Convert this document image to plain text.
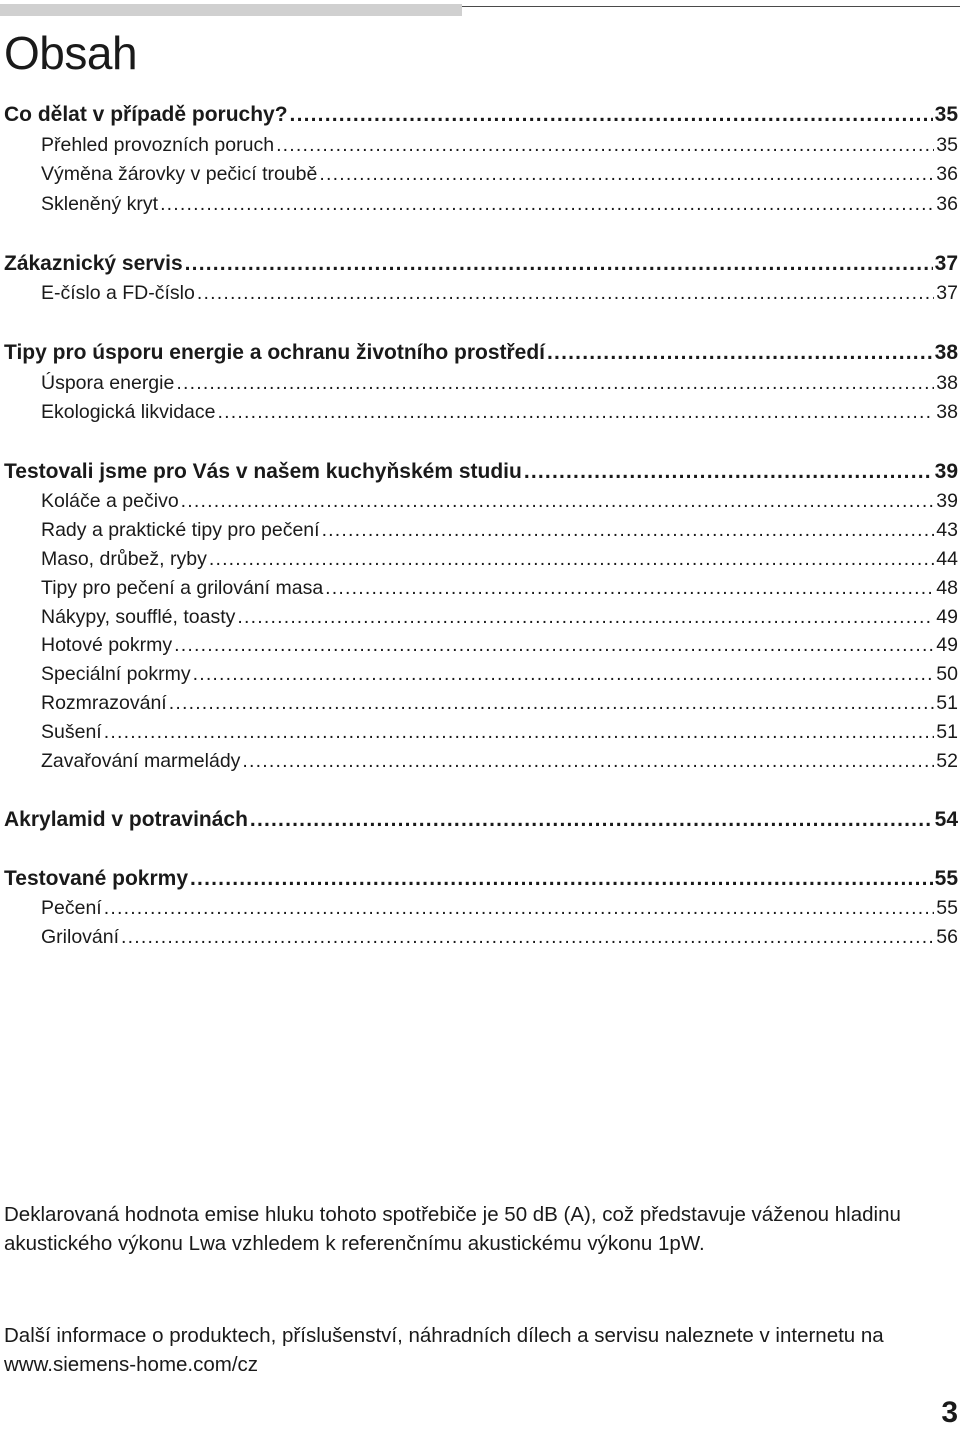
Obsah
Co dělat v případě poruchy? .....	35
Přehled provozních poruch .....	35
Výměna žárovky v pečicí troubě .....	36
Skleněný kryt .....	36
Zákaznický servis .....	37
E-číslo a FD-číslo .....	37
Tipy pro úsporu energie a ochranu životního prostředí .....	38
Úspora energie .....	38
Ekologická likvidace .....	38
Testovali jsme pro Vás v našem kuchyňském studiu .....	39
Koláče a pečivo .....	39
Rady a praktické tipy pro pečení .....	43
Maso, drůbež, ryby .....	44
Tipy pro pečení a grilování masa .....	48
Nákypy, soufflé, toasty .....	49
Hotové pokrmy .....	49
Speciální pokrmy .....	50
Rozmrazování .....	51
Sušení .....	51
Zavařování marmelády .....	52
Akrylamid v potravinách .....	54
Testované pokrmy .....	55
Pečení .....	55
Grilování .....	56

Deklarovaná hodnota emise hluku tohoto spotřebiče je 50 dB (A), což představuje váženou hladinu akustického výkonu Lwa vzhledem k referenčnímu akustickému výkonu 1pW.

Další informace o produktech, příslušenství, náhradních dílech a servisu naleznete v internetu na www.siemens-home.com/cz

3
